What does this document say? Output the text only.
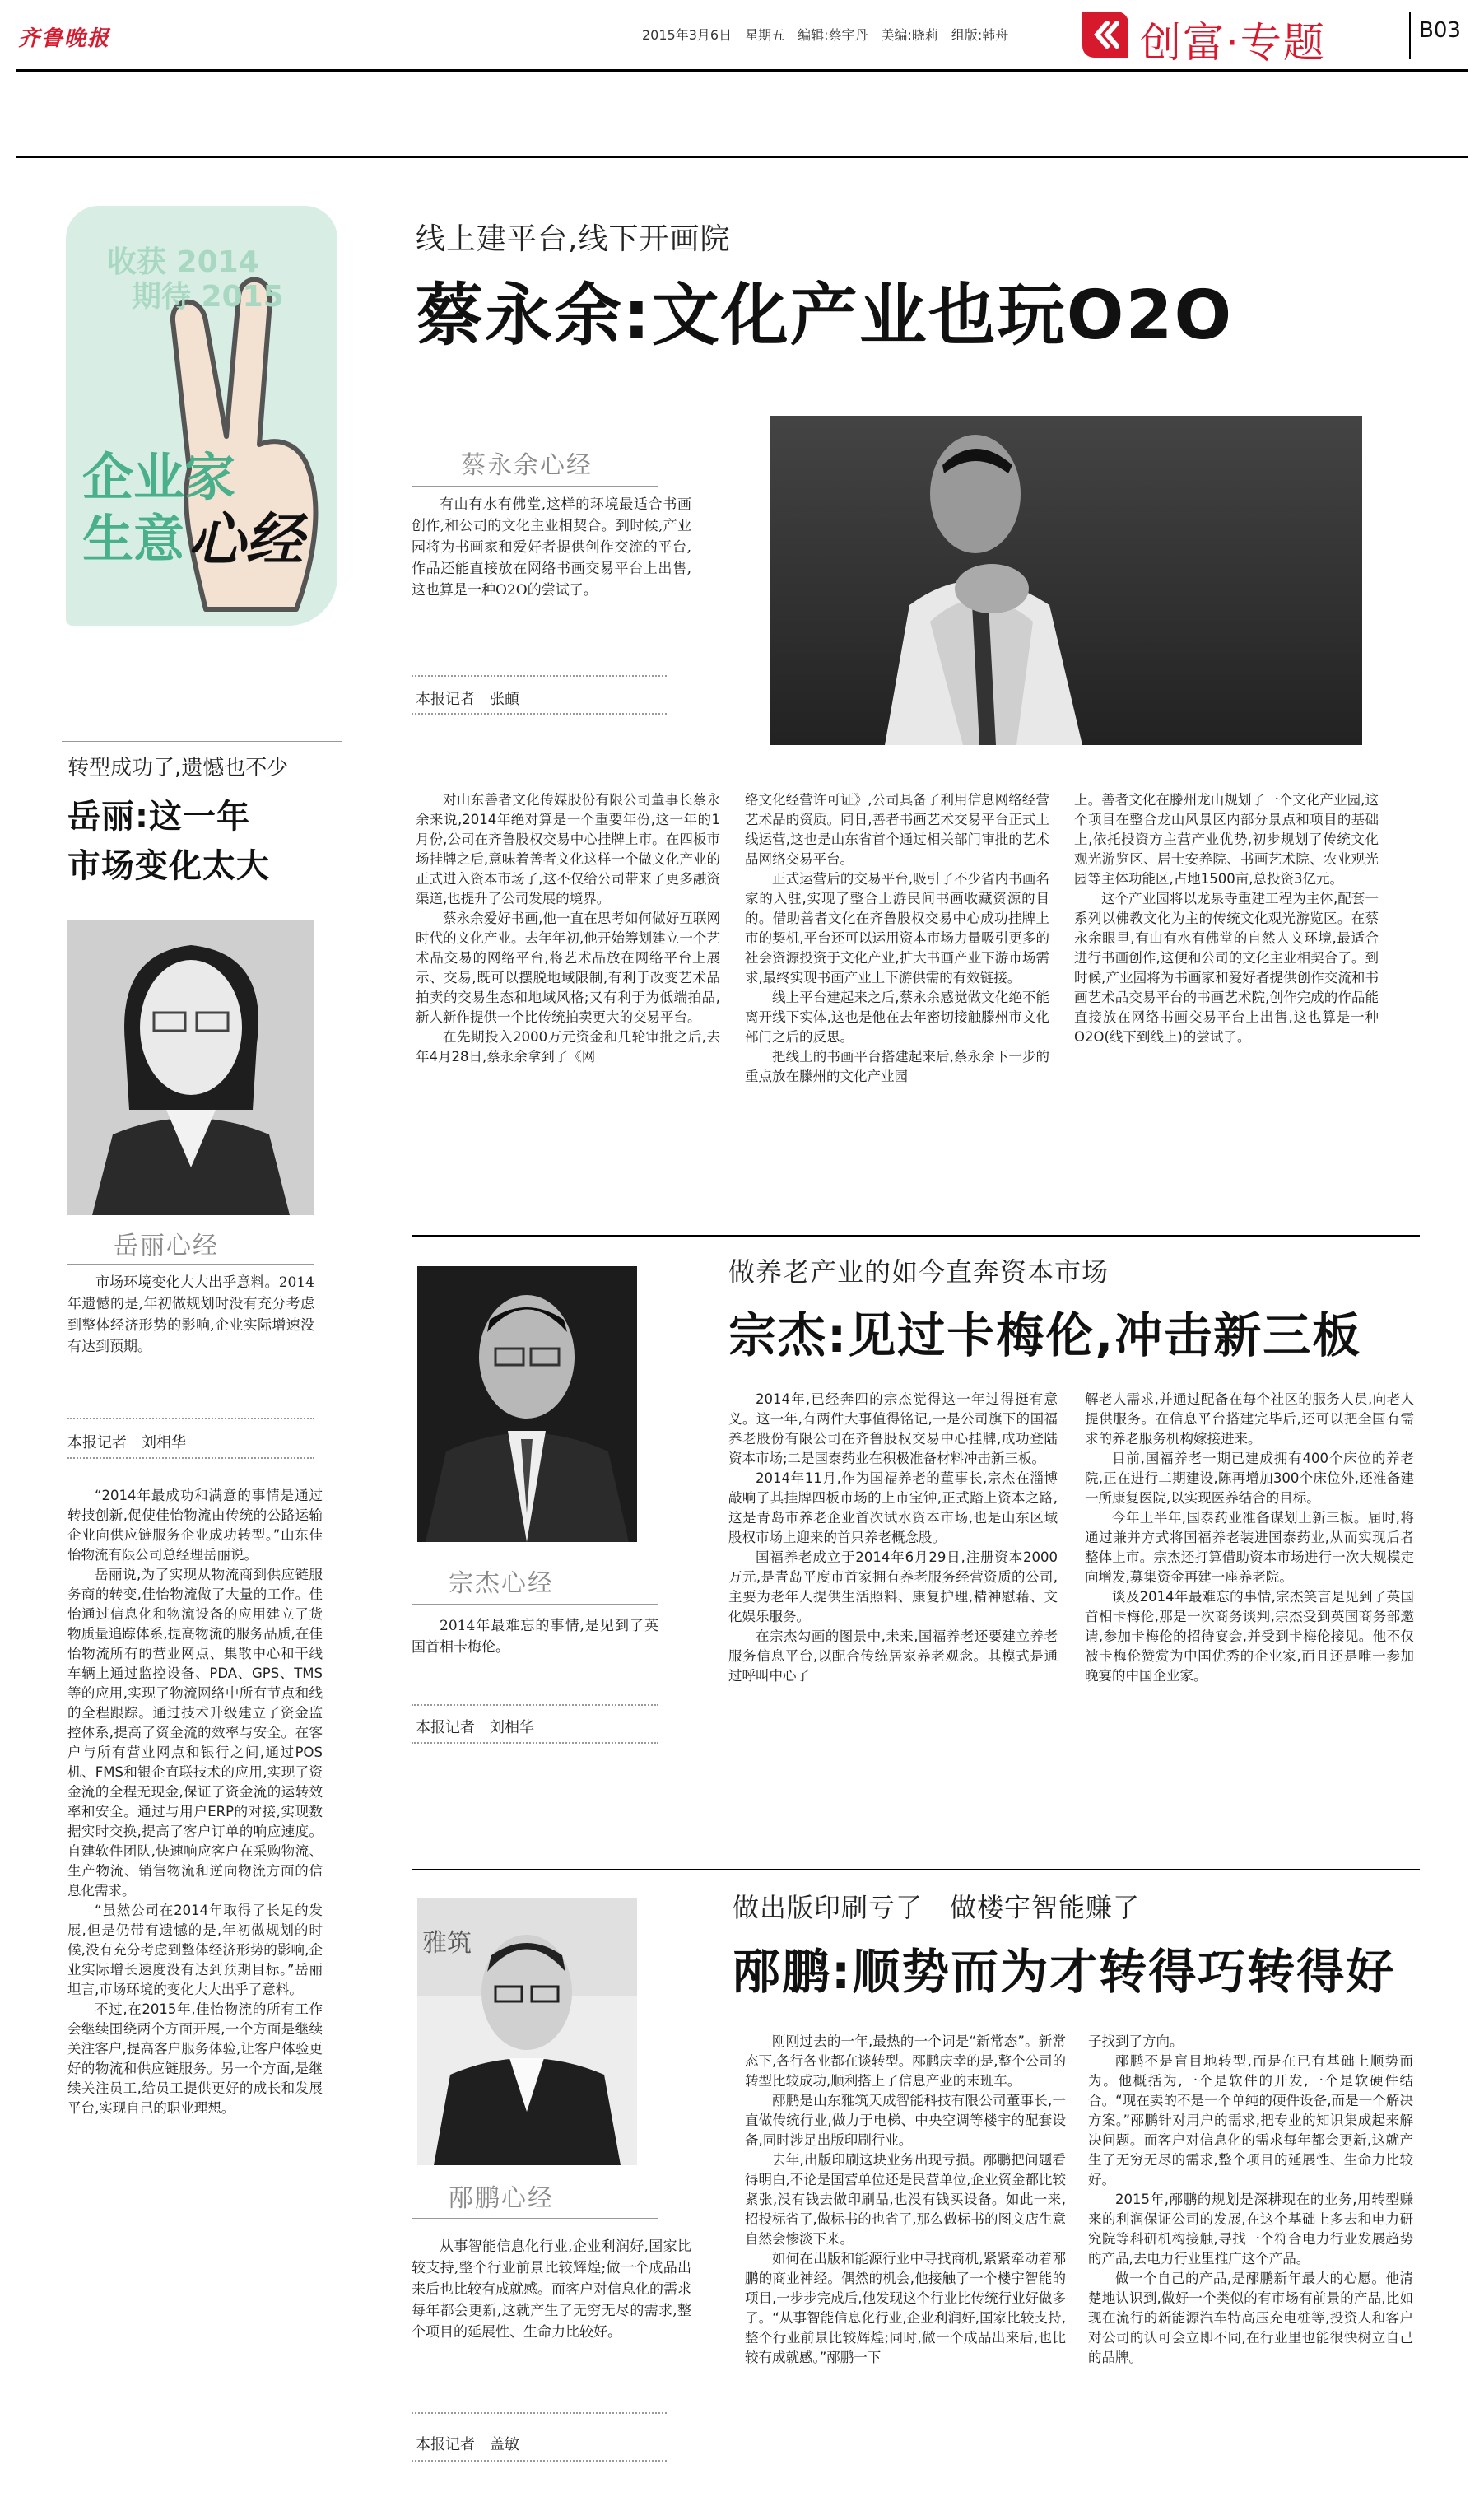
齐鲁晚报	2015年3月6日　星期五　编辑:蔡宇丹　美编:晓莉　组版:韩舟	创富·专题	B03
收获 2014
期待 2015
企业家
生意 心经
线上建平台,线下开画院
蔡永余:文化产业也玩O2O
蔡永余心经
有山有水有佛堂,这样的环境最适合书画创作,和公司的文化主业相契合。到时候,产业园将为书画家和爱好者提供创作交流的平台,作品还能直接放在网络书画交易平台上出售,这也算是一种O2O的尝试了。
本报记者　张頔

对山东善者文化传媒股份有限公司董事长蔡永余来说,2014年绝对算是一个重要年份,这一年的1月份,公司在齐鲁股权交易中心挂牌上市。在四板市场挂牌之后,意味着善者文化这样一个做文化产业的正式进入资本市场了,这不仅给公司带来了更多融资渠道,也提升了公司发展的境界。

蔡永余爱好书画,他一直在思考如何做好互联网时代的文化产业。去年年初,他开始筹划建立一个艺术品交易的网络平台,将艺术品放在网络平台上展示、交易,既可以摆脱地域限制,有利于改变艺术品拍卖的交易生态和地域风格;又有利于为低端拍品,新人新作提供一个比传统拍卖更大的交易平台。

在先期投入2000万元资金和几轮审批之后,去年4月28日,蔡永余拿到了《网

络文化经营许可证》,公司具备了利用信息网络经营艺术品的资质。同日,善者书画艺术交易平台正式上线运营,这也是山东省首个通过相关部门审批的艺术品网络交易平台。

正式运营后的交易平台,吸引了不少省内书画名家的入驻,实现了整合上游民间书画收藏资源的目的。借助善者文化在齐鲁股权交易中心成功挂牌上市的契机,平台还可以运用资本市场力量吸引更多的社会资源投资于文化产业,扩大书画产业下游市场需求,最终实现书画产业上下游供需的有效链接。

线上平台建起来之后,蔡永余感觉做文化绝不能离开线下实体,这也是他在去年密切接触滕州市文化部门之后的反思。

把线上的书画平台搭建起来后,蔡永余下一步的重点放在滕州的文化产业园

上。善者文化在滕州龙山规划了一个文化产业园,这个项目在整合龙山风景区内部分景点和项目的基础上,依托投资方主营产业优势,初步规划了传统文化观光游览区、居士安养院、书画艺术院、农业观光园等主体功能区,占地1500亩,总投资3亿元。

这个产业园将以龙泉寺重建工程为主体,配套一系列以佛教文化为主的传统文化观光游览区。在蔡永余眼里,有山有水有佛堂的自然人文环境,最适合进行书画创作,这便和公司的文化主业相契合了。到时候,产业园将为书画家和爱好者提供创作交流和书画艺术品交易平台的书画艺术院,创作完成的作品能直接放在网络书画交易平台上出售,这也算是一种O2O(线下到线上)的尝试了。

转型成功了,遗憾也不少
岳丽:这一年
市场变化太大
岳丽心经
市场环境变化大大出乎意料。2014年遗憾的是,年初做规划时没有充分考虑到整体经济形势的影响,企业实际增速没有达到预期。
本报记者　刘相华

“2014年最成功和满意的事情是通过转技创新,促使佳怡物流由传统的公路运输企业向供应链服务企业成功转型。”山东佳怡物流有限公司总经理岳丽说。

岳丽说,为了实现从物流商到供应链服务商的转变,佳怡物流做了大量的工作。佳怡通过信息化和物流设备的应用建立了货物质量追踪体系,提高物流的服务品质,在佳怡物流所有的营业网点、集散中心和干线车辆上通过监控设备、PDA、GPS、TMS等的应用,实现了物流网络中所有节点和线的全程跟踪。通过技术升级建立了资金监控体系,提高了资金流的效率与安全。在客户与所有营业网点和银行之间,通过POS机、FMS和银企直联技术的应用,实现了资金流的全程无现金,保证了资金流的运转效率和安全。通过与用户ERP的对接,实现数据实时交换,提高了客户订单的响应速度。自建软件团队,快速响应客户在采购物流、生产物流、销售物流和逆向物流方面的信息化需求。

“虽然公司在2014年取得了长足的发展,但是仍带有遗憾的是,年初做规划的时候,没有充分考虑到整体经济形势的影响,企业实际增长速度没有达到预期目标。”岳丽坦言,市场环境的变化大大出乎了意料。

不过,在2015年,佳怡物流的所有工作会继续围绕两个方面开展,一个方面是继续关注客户,提高客户服务体验,让客户体验更好的物流和供应链服务。另一个方面,是继续关注员工,给员工提供更好的成长和发展平台,实现自己的职业理想。

宗杰心经
2014年最难忘的事情,是见到了英国首相卡梅伦。
本报记者　刘相华
做养老产业的如今直奔资本市场
宗杰:见过卡梅伦,冲击新三板

2014年,已经奔四的宗杰觉得这一年过得挺有意义。这一年,有两件大事值得铭记,一是公司旗下的国福养老股份有限公司在齐鲁股权交易中心挂牌,成功登陆资本市场;二是国泰药业在积极准备材料冲击新三板。

2014年11月,作为国福养老的董事长,宗杰在淄博敲响了其挂牌四板市场的上市宝钟,正式踏上资本之路,这是青岛市养老企业首次试水资本市场,也是山东区域股权市场上迎来的首只养老概念股。

国福养老成立于2014年6月29日,注册资本2000万元,是青岛平度市首家拥有养老服务经营资质的公司,主要为老年人提供生活照料、康复护理,精神慰藉、文化娱乐服务。

在宗杰勾画的图景中,未来,国福养老还要建立养老服务信息平台,以配合传统居家养老观念。其模式是通过呼叫中心了

解老人需求,并通过配备在每个社区的服务人员,向老人提供服务。在信息平台搭建完毕后,还可以把全国有需求的养老服务机构嫁接进来。

目前,国福养老一期已建成拥有400个床位的养老院,正在进行二期建设,陈再增加300个床位外,还准备建一所康复医院,以实现医养结合的目标。

今年上半年,国泰药业准备谋划上新三板。届时,将通过兼并方式将国福养老装进国泰药业,从而实现后者整体上市。宗杰还打算借助资本市场进行一次大规模定向增发,募集资金再建一座养老院。

谈及2014年最难忘的事情,宗杰笑言是见到了英国首相卡梅伦,那是一次商务谈判,宗杰受到英国商务部邀请,参加卡梅伦的招待宴会,并受到卡梅伦接见。他不仅被卡梅伦赞赏为中国优秀的企业家,而且还是唯一参加晚宴的中国企业家。

雅筑
邴鹏心经
从事智能信息化行业,企业利润好,国家比较支持,整个行业前景比较辉煌;做一个成品出来后也比较有成就感。而客户对信息化的需求每年都会更新,这就产生了无穷无尽的需求,整个项目的延展性、生命力比较好。
本报记者　盖敏
做出版印刷亏了　做楼宇智能赚了
邴鹏:顺势而为才转得巧转得好

刚刚过去的一年,最热的一个词是“新常态”。新常态下,各行各业都在谈转型。邴鹏庆幸的是,整个公司的转型比较成功,顺利搭上了信息产业的末班车。

邴鹏是山东雅筑天成智能科技有限公司董事长,一直做传统行业,做力于电梯、中央空调等楼宇的配套设备,同时涉足出版印刷行业。

去年,出版印刷这块业务出现亏损。邴鹏把问题看得明白,不论是国营单位还是民营单位,企业资金都比较紧张,没有钱去做印刷品,也没有钱买设备。如此一来,招投标省了,做标书的也省了,那么做标书的图文店生意自然会惨淡下来。

如何在出版和能源行业中寻找商机,紧紧牵动着邴鹏的商业神经。偶然的机会,他接触了一个楼宇智能的项目,一步步完成后,他发现这个行业比传统行业好做多了。“从事智能信息化行业,企业利润好,国家比较支持,整个行业前景比较辉煌;同时,做一个成品出来后,也比较有成就感。”邴鹏一下

子找到了方向。

邴鹏不是盲目地转型,而是在已有基础上顺势而为。他概括为,一个是软件的开发,一个是软硬件结合。“现在卖的不是一个单纯的硬件设备,而是一个解决方案。”邴鹏针对用户的需求,把专业的知识集成起来解决问题。而客户对信息化的需求每年都会更新,这就产生了无穷无尽的需求,整个项目的延展性、生命力比较好。

2015年,邴鹏的规划是深耕现在的业务,用转型赚来的利润保证公司的发展,在这个基础上多去和电力研究院等科研机构接触,寻找一个符合电力行业发展趋势的产品,去电力行业里推广这个产品。

做一个自己的产品,是邴鹏新年最大的心愿。他清楚地认识到,做好一个类似的有市场有前景的产品,比如现在流行的新能源汽车特高压充电桩等,投资人和客户对公司的认可会立即不同,在行业里也能很快树立自己的品牌。
